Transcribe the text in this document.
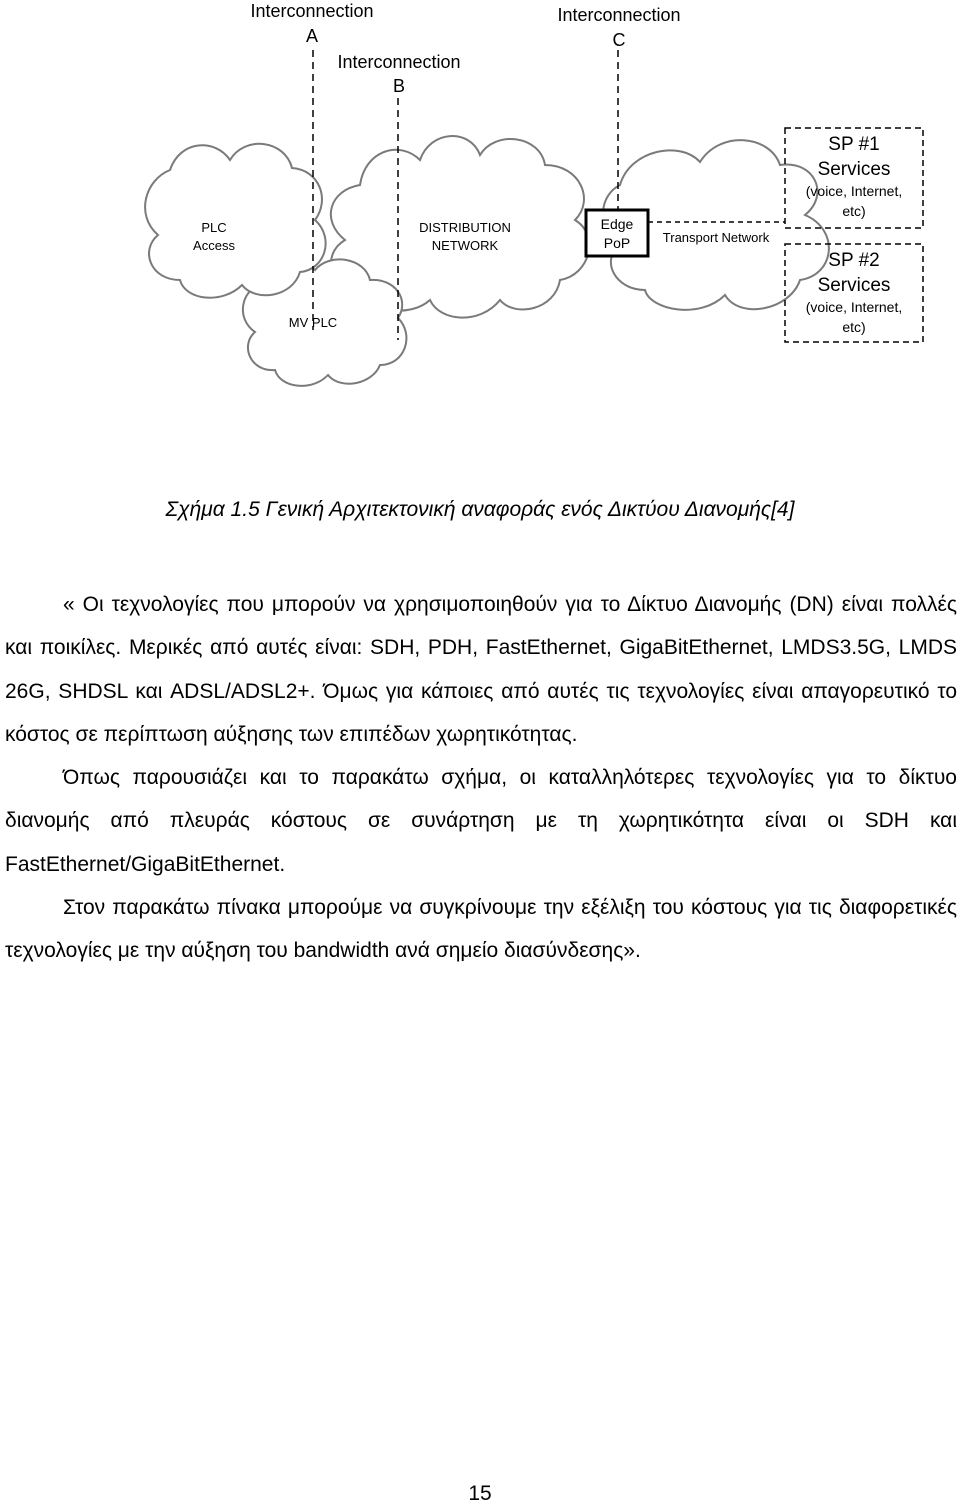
Interconnection
A
Interconnection
B
Interconnection
C
PLC
Access
MV PLC
DISTRIBUTION
NETWORK
Transport Network
Edge
PoP
SP #1
Services
(voice, Internet,
etc)
SP #2
Services
(voice, Internet,
etc)
Σχήμα 1.5 Γενική Αρχιτεκτονική αναφοράς ενός Δικτύου Διανομής[4]

« Οι τεχνολογίες που μπορούν να χρησιμοποιηθούν για το Δίκτυο Διανομής (DN) είναι πολλές και ποικίλες. Μερικές από αυτές είναι: SDH, PDH, FastEthernet, GigaBitEthernet, LMDS3.5G, LMDS 26G, SHDSL και ADSL/ADSL2+. Όμως για κάποιες από αυτές τις τεχνολογίες είναι απαγορευτικό το κόστος σε περίπτωση αύξησης των επιπέδων χωρητικότητας.

Όπως παρουσιάζει και το παρακάτω σχήμα, οι καταλληλότερες τεχνολογίες για το δίκτυο διανομής από πλευράς κόστους σε συνάρτηση με τη χωρητικότητα είναι οι SDH και FastEthernet/GigaBitEthernet.

Στον παρακάτω πίνακα μπορούμε να συγκρίνουμε την εξέλιξη του κόστους για τις διαφορετικές τεχνολογίες με την αύξηση του bandwidth ανά σημείο διασύνδεσης».

15
